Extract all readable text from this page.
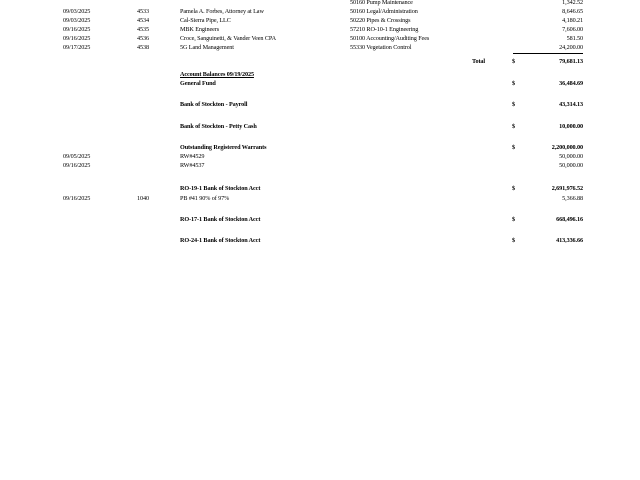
50160 Pump Maintenance	1,342.52
09/03/2025	4533	Pamela A. Forbes, Attorney at Law	50160 Legal/Administration	8,646.65
09/03/2025	4534	Cal-Sierra Pipe, LLC	50220 Pipes & Crossings	4,180.21
09/16/2025	4535	MBK Engineers	57210 RO-10-1 Engineering	7,606.00
09/16/2025	4536	Croce, Sanguinetti, & Vander Veen CPA	50100 Accounting/Auditing Fees	581.50
09/17/2025	4538	5G Land Management	55330 Vegetation Control	24,200.00
Total	$	79,681.13
Account Balances 09/19/2025
General Fund	$	36,484.69
Bank of Stockton - Payroll	$	43,314.13
Bank of Stockton - Petty Cash	$	10,000.00
Outstanding Registered Warrants	$	2,200,000.00
09/05/2025	RW#4529	50,000.00
09/16/2025	RW#4537	50,000.00
RO-19-1 Bank of Stockton Acct	$	2,691,976.52
09/16/2025	1040	PB #41 90% of 97%	5,366.88
RO-17-1 Bank of Stockton Acct	$	668,496.16
RO-24-1 Bank of Stockton Acct	$	413,336.66
